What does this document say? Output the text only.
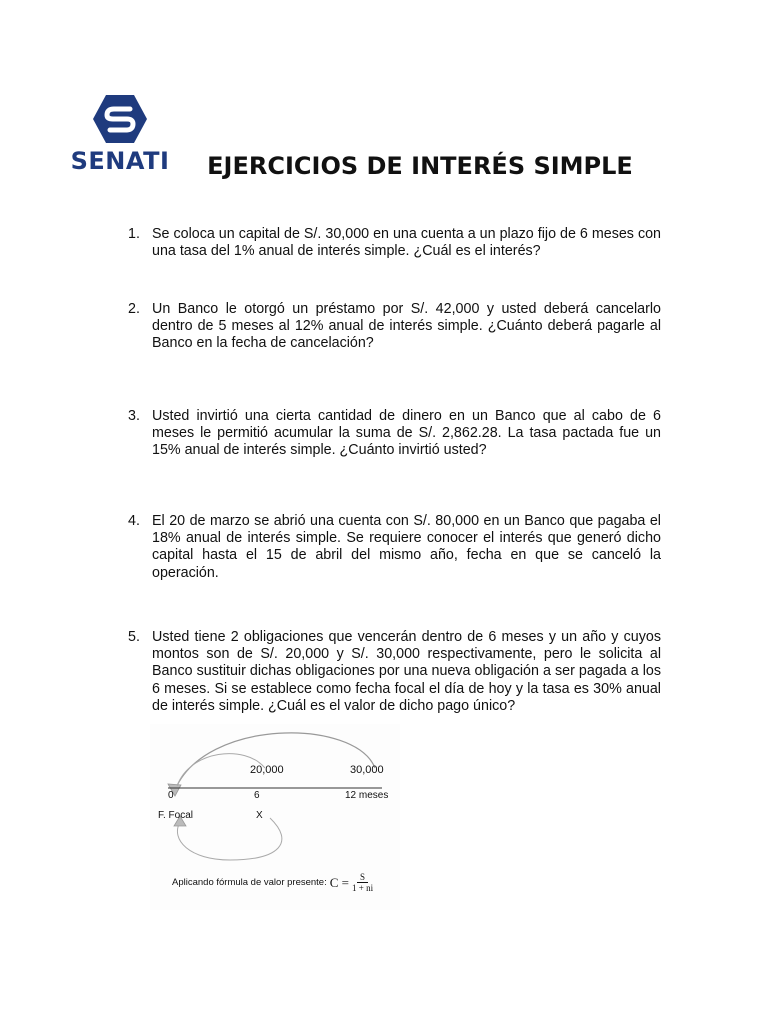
SENATI	EJERCICIOS DE INTERÉS SIMPLE
1. Se coloca un capital de S/. 30,000 en una cuenta a un plazo fijo de 6 meses con una tasa del 1% anual de interés simple. ¿Cuál es el interés?
2. Un Banco le otorgó un préstamo por S/. 42,000 y usted deberá cancelarlo dentro de 5 meses al 12% anual de interés simple. ¿Cuánto deberá pagarle al Banco en la fecha de cancelación?
3. Usted invirtió una cierta cantidad de dinero en un Banco que al cabo de 6 meses le permitió acumular la suma de S/. 2,862.28. La tasa pactada fue un 15% anual de interés simple. ¿Cuánto invirtió usted?
4. El 20 de marzo se abrió una cuenta con S/. 80,000 en un Banco que pagaba el 18% anual de interés simple. Se requiere conocer el interés que generó dicho capital hasta el 15 de abril del mismo año, fecha en que se canceló la operación.
5. Usted tiene 2 obligaciones que vencerán dentro de 6 meses y un año y cuyos montos son de S/. 20,000 y S/. 30,000 respectivamente, pero le solicita al Banco sustituir dichas obligaciones por una nueva obligación a ser pagada a los 6 meses. Si se establece como fecha focal el día de hoy y la tasa es 30% anual de interés simple. ¿Cuál es el valor de dicho pago único?
20,000	30,000
0	6	12 meses
F. Focal	X
Aplicando fórmula de valor presente: $C = \frac{S}{1 + ni}$
